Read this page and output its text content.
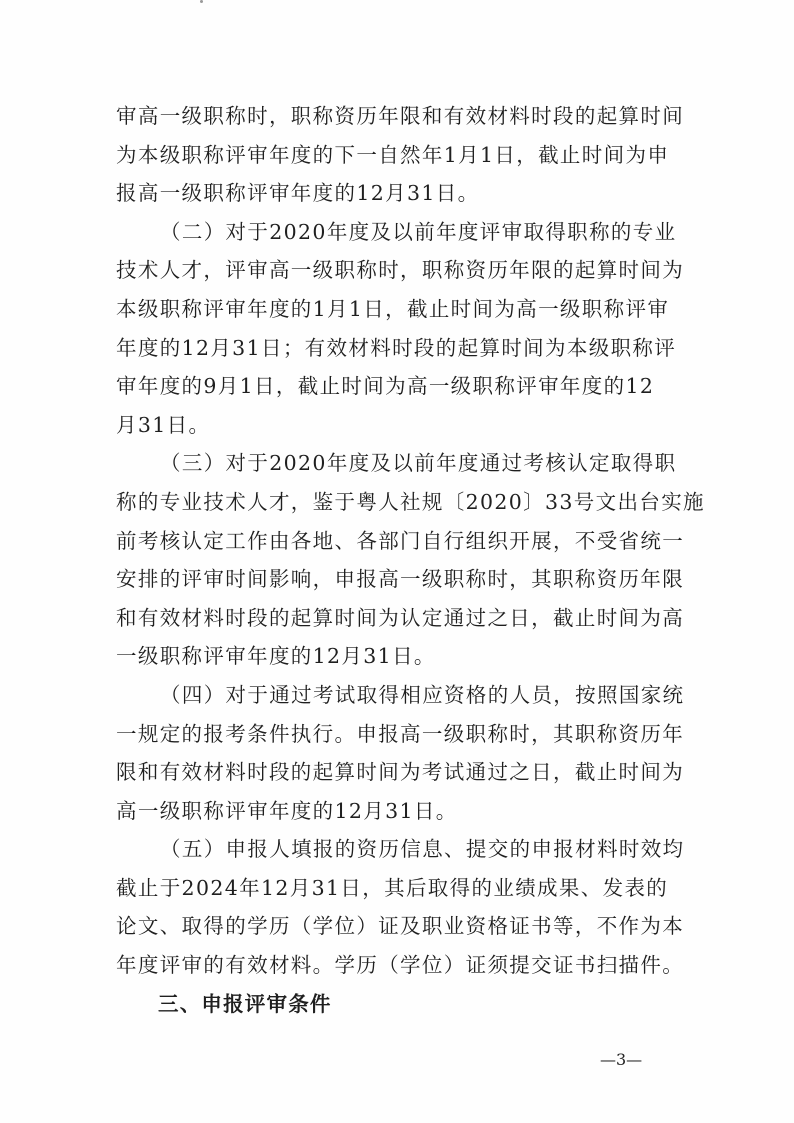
审高一级职称时，职称资历年限和有效材料时段的起算时间
为本级职称评审年度的下一自然年1月1日，截止时间为申
报高一级职称评审年度的12月31日。
（二）对于2020年度及以前年度评审取得职称的专业
技术人才，评审高一级职称时，职称资历年限的起算时间为
本级职称评审年度的1月1日，截止时间为高一级职称评审
年度的12月31日；有效材料时段的起算时间为本级职称评
审年度的9月1日，截止时间为高一级职称评审年度的12
月31日。
（三）对于2020年度及以前年度通过考核认定取得职
称的专业技术人才，鉴于粤人社规〔2020〕33号文出台实施
前考核认定工作由各地、各部门自行组织开展，不受省统一
安排的评审时间影响，申报高一级职称时，其职称资历年限
和有效材料时段的起算时间为认定通过之日，截止时间为高
一级职称评审年度的12月31日。
（四）对于通过考试取得相应资格的人员，按照国家统
一规定的报考条件执行。申报高一级职称时，其职称资历年
限和有效材料时段的起算时间为考试通过之日，截止时间为
高一级职称评审年度的12月31日。
（五）申报人填报的资历信息、提交的申报材料时效均
截止于2024年12月31日，其后取得的业绩成果、发表的
论文、取得的学历（学位）证及职业资格证书等，不作为本
年度评审的有效材料。学历（学位）证须提交证书扫描件。
三、申报评审条件
—3—
